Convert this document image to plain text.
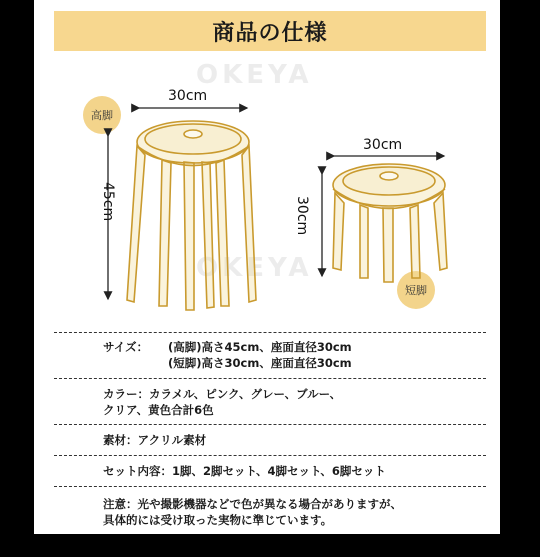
商品の仕様
OKEYA
OKEYA
高脚
短脚
30cm
45cm
30cm
30cm
サイズ： (高脚)高さ45cm、座面直径30cm
(短脚)高さ30cm、座面直径30cm
カラー：カラメル、ピンク、グレー、ブルー、
クリア、黄色合計6色
素材：アクリル素材
セット内容：1脚、2脚セット、4脚セット、6脚セット
注意：光や撮影機器などで色が異なる場合がありますが、
具体的には受け取った実物に準じています。
